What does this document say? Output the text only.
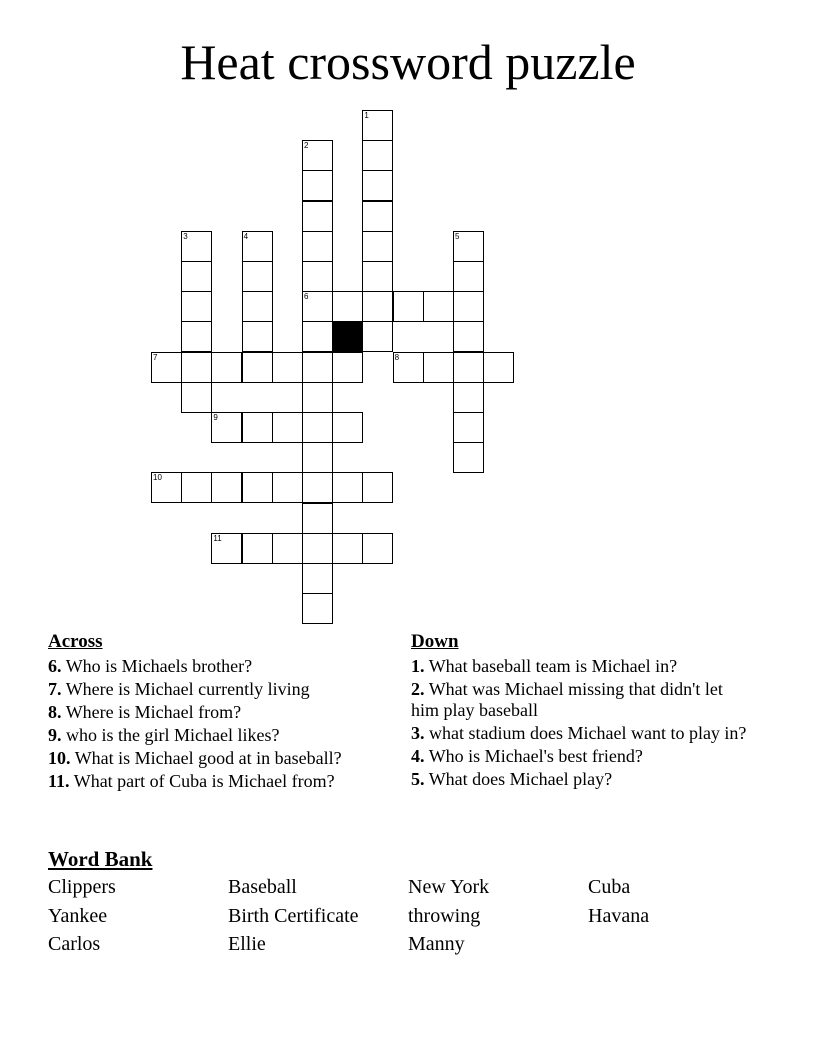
Heat crossword puzzle
1
2
6
3	4	5
7	8
9
10
11
Across
6. Who is Michaels brother?
7. Where is Michael currently living
8. Where is Michael from?
9. who is the girl Michael likes?
10. What is Michael good at in baseball?
11. What part of Cuba is Michael from?
Down
1. What baseball team is Michael in?
2. What was Michael missing that didn't let him play baseball
3. what stadium does Michael want to play in?
4. Who is Michael's best friend?
5. What does Michael play?
Word Bank
Clippers	Baseball	New York	Cuba
Yankee	Birth Certificate	throwing	Havana
Carlos	Ellie	Manny
